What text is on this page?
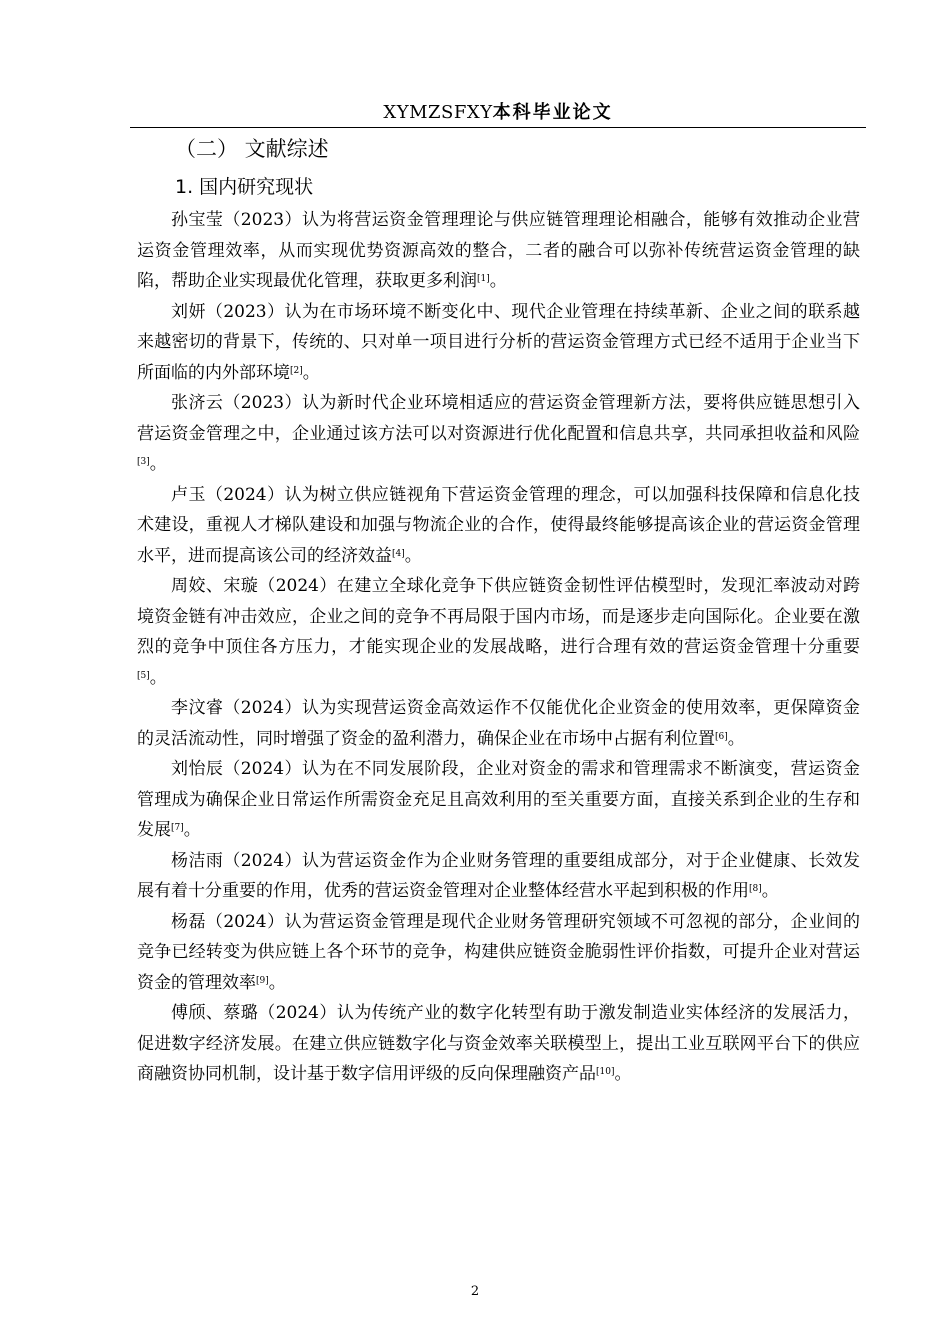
XYMZSFXY本科毕业论文
（二） 文献综述
1. 国内研究现状

孙宝莹（2023）认为将营运资金管理理论与供应链管理理论相融合，能够有效推动企业营运资金管理效率，从而实现优势资源高效的整合，二者的融合可以弥补传统营运资金管理的缺陷，帮助企业实现最优化管理，获取更多利润[1]。

刘妍（2023）认为在市场环境不断变化中、现代企业管理在持续革新、企业之间的联系越来越密切的背景下，传统的、只对单一项目进行分析的营运资金管理方式已经不适用于企业当下所面临的内外部环境[2]。

张济云（2023）认为新时代企业环境相适应的营运资金管理新方法，要将供应链思想引入营运资金管理之中，企业通过该方法可以对资源进行优化配置和信息共享，共同承担收益和风险[3]。

卢玉（2024）认为树立供应链视角下营运资金管理的理念，可以加强科技保障和信息化技术建设，重视人才梯队建设和加强与物流企业的合作，使得最终能够提高该企业的营运资金管理水平，进而提高该公司的经济效益[4]。

周姣、宋璇（2024）在建立全球化竞争下供应链资金韧性评估模型时，发现汇率波动对跨境资金链有冲击效应，企业之间的竞争不再局限于国内市场，而是逐步走向国际化。企业要在激烈的竞争中顶住各方压力，才能实现企业的发展战略，进行合理有效的营运资金管理十分重要[5]。

李汶睿（2024）认为实现营运资金高效运作不仅能优化企业资金的使用效率，更保障资金的灵活流动性，同时增强了资金的盈利潜力，确保企业在市场中占据有利位置[6]。

刘怡辰（2024）认为在不同发展阶段，企业对资金的需求和管理需求不断演变，营运资金管理成为确保企业日常运作所需资金充足且高效利用的至关重要方面，直接关系到企业的生存和发展[7]。

杨洁雨（2024）认为营运资金作为企业财务管理的重要组成部分，对于企业健康、长效发展有着十分重要的作用，优秀的营运资金管理对企业整体经营水平起到积极的作用[8]。

杨磊（2024）认为营运资金管理是现代企业财务管理研究领域不可忽视的部分，企业间的竞争已经转变为供应链上各个环节的竞争，构建供应链资金脆弱性评价指数，可提升企业对营运资金的管理效率[9]。

傅颀、蔡璐（2024）认为传统产业的数字化转型有助于激发制造业实体经济的发展活力，促进数字经济发展。在建立供应链数字化与资金效率关联模型上，提出工业互联网平台下的供应商融资协同机制，设计基于数字信用评级的反向保理融资产品[10]。

2
